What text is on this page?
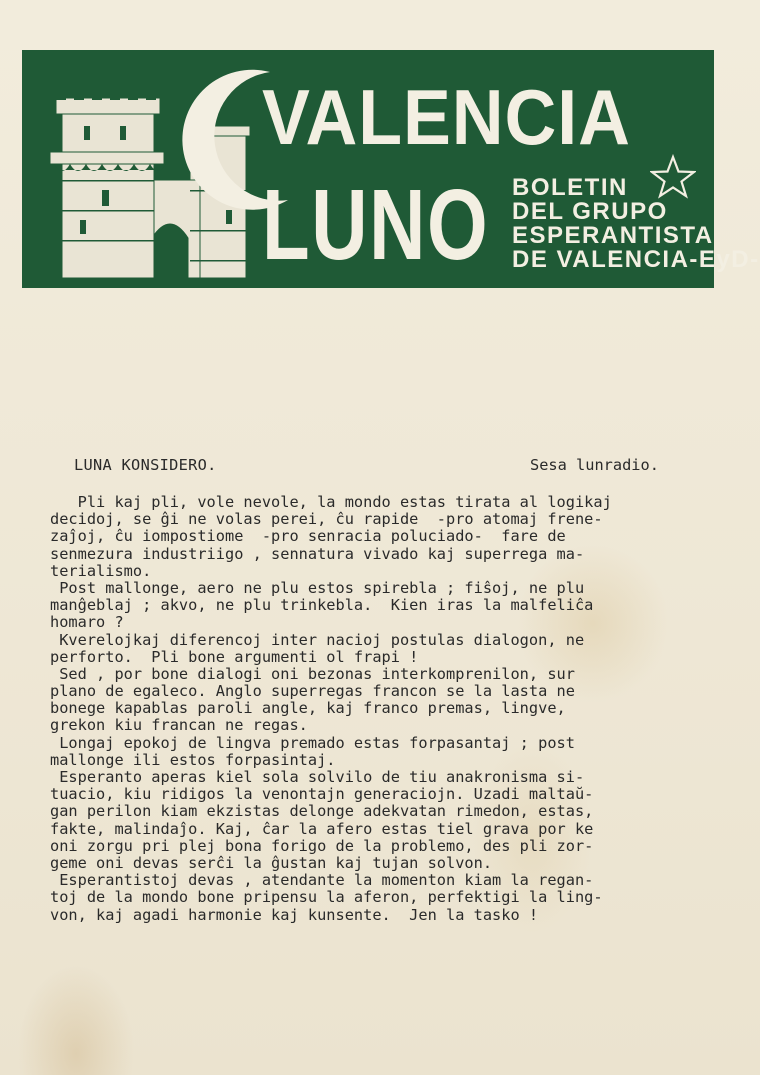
VALENCIA
LUNO BOLETIN
DEL GRUPO
ESPERANTISTA
DE VALENCIA-EyD-
LUNA KONSIDERO.	Sesa lunradio.
Pli kaj pli, vole nevole, la mondo estas tirata al logikaj
decidoj, se ĝi ne volas perei, ĉu rapide  -pro atomaj frene-
zaĵoj, ĉu iompostiome  -pro senracia poluciado-  fare de
senmezura industriigo , sennatura vivado kaj superrega ma-
terialismo.
Post mallonge, aero ne plu estos spirebla ; fiŝoj, ne plu
manĝeblaj ; akvo, ne plu trinkebla.  Kien iras la malfeliĉa
homaro ?
Kverelojkaj diferencoj inter nacioj postulas dialogon, ne
perforto.  Pli bone argumenti ol frapi !
Sed , por bone dialogi oni bezonas interkomprenilon, sur
plano de egaleco. Anglo superregas francon se la lasta ne
bonege kapablas paroli angle, kaj franco premas, lingve,
grekon kiu francan ne regas.
Longaj epokoj de lingva premado estas forpasantaj ; post
mallonge ili estos forpasintaj.
Esperanto aperas kiel sola solvilo de tiu anakronisma si-
tuacio, kiu ridigos la venontajn generaciojn. Uzadi maltaŭ-
gan perilon kiam ekzistas delonge adekvatan rimedon, estas,
fakte, malindaĵo. Kaj, ĉar la afero estas tiel grava por ke
oni zorgu pri plej bona forigo de la problemo, des pli zor-
geme oni devas serĉi la ĝustan kaj tujan solvon.
Esperantistoj devas , atendante la momenton kiam la regan-
toj de la mondo bone pripensu la aferon, perfektigi la ling-
von, kaj agadi harmonie kaj kunsente.  Jen la tasko !
